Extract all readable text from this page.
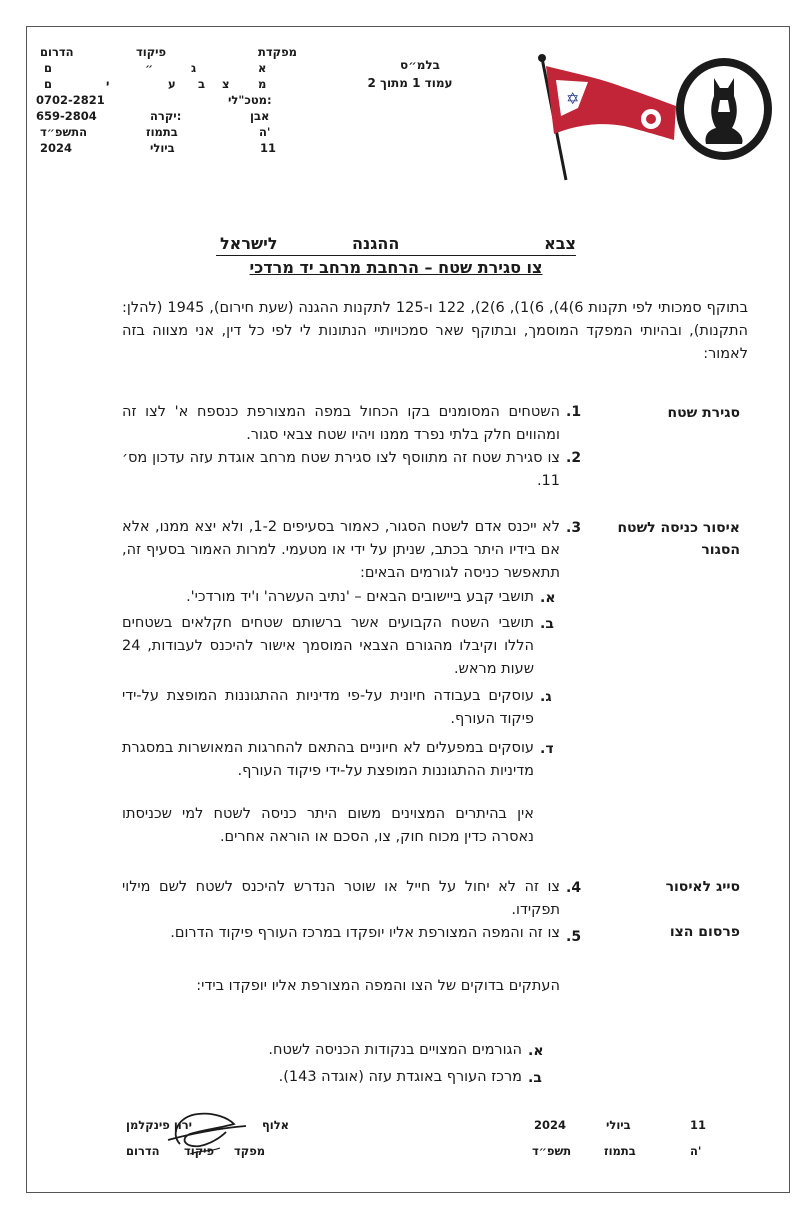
מפקדת
א
מ
פיקוד
ג
ב
הדרום
ם
ם
״
צ
ע
י
מטכ"לי:
0702-2821
אבן
יקרה:
659-2804
ה'
בתמוז
התשפ״ד
11
ביולי
2024
בלמ״ס
עמוד 1 מתוך 2
✡
צבא
ההגנה
לישראל
צו סגירת שטח – הרחבת מרחב יד מרדכי
בתוקף סמכותי לפי תקנות 6)4), 6)1), 6)2), 122 ו-125 לתקנות ההגנה (שעת חירום), 1945 (להלן: התקנות), ובהיותי המפקד המוסמך, ובתוקף שאר סמכויותיי הנתונות לי לפי כל דין, אני מצווה בזה לאמור:
סגירת שטח
.1
השטחים המסומנים בקו הכחול במפה המצורפת כנספח א' לצו זה ומהווים חלק בלתי נפרד ממנו ויהיו שטח צבאי סגור.
.2
צו סגירת שטח זה מתווסף לצו סגירת שטח מרחב אוגדת עזה עדכון מס׳ 11.
איסור כניסה לשטח הסגור
.3
לא ייכנס אדם לשטח הסגור, כאמור בסעיפים 1-2, ולא יצא ממנו, אלא אם בידיו היתר בכתב, שניתן על ידי או מטעמי. למרות האמור בסעיף זה, תתאפשר כניסה לגורמים הבאים:
.א
תושבי קבע ביישובים הבאים – 'נתיב העשרה' ו'יד מורדכי'.
.ב
תושבי השטח הקבועים אשר ברשותם שטחים חקלאים בשטחים הללו וקיבלו מהגורם הצבאי המוסמך אישור להיכנס לעבודות, 24 שעות מראש.
.ג
עוסקים בעבודה חיונית על-פי מדיניות ההתגוננות המופצת על-ידי פיקוד העורף.
.ד
עוסקים במפעלים לא חיוניים בהתאם להחרגות המאושרות במסגרת מדיניות ההתגוננות המופצת על-ידי פיקוד העורף.
אין בהיתרים המצוינים משום היתר כניסה לשטח למי שכניסתו נאסרה כדין מכוח חוק, צו, הסכם או הוראה אחרים.
סייג לאיסור
.4
צו זה לא יחול על חייל או שוטר הנדרש להיכנס לשטח לשם מילוי תפקידו.
פרסום הצו
.5
צו זה והמפה המצורפת אליו יופקדו במרכז העורף פיקוד הדרום.
העתקים בדוקים של הצו והמפה המצורפת אליו יופקדו בידי:
.א
הגורמים המצויים בנקודות הכניסה לשטח.
.ב
מרכז העורף באוגדת עזה (אוגדה 143).
11
ביולי
2024
ה'
בתמוז
תשפ״ד
אלוף
ירון פינקלמן
מפקד
פיקוד
הדרום
